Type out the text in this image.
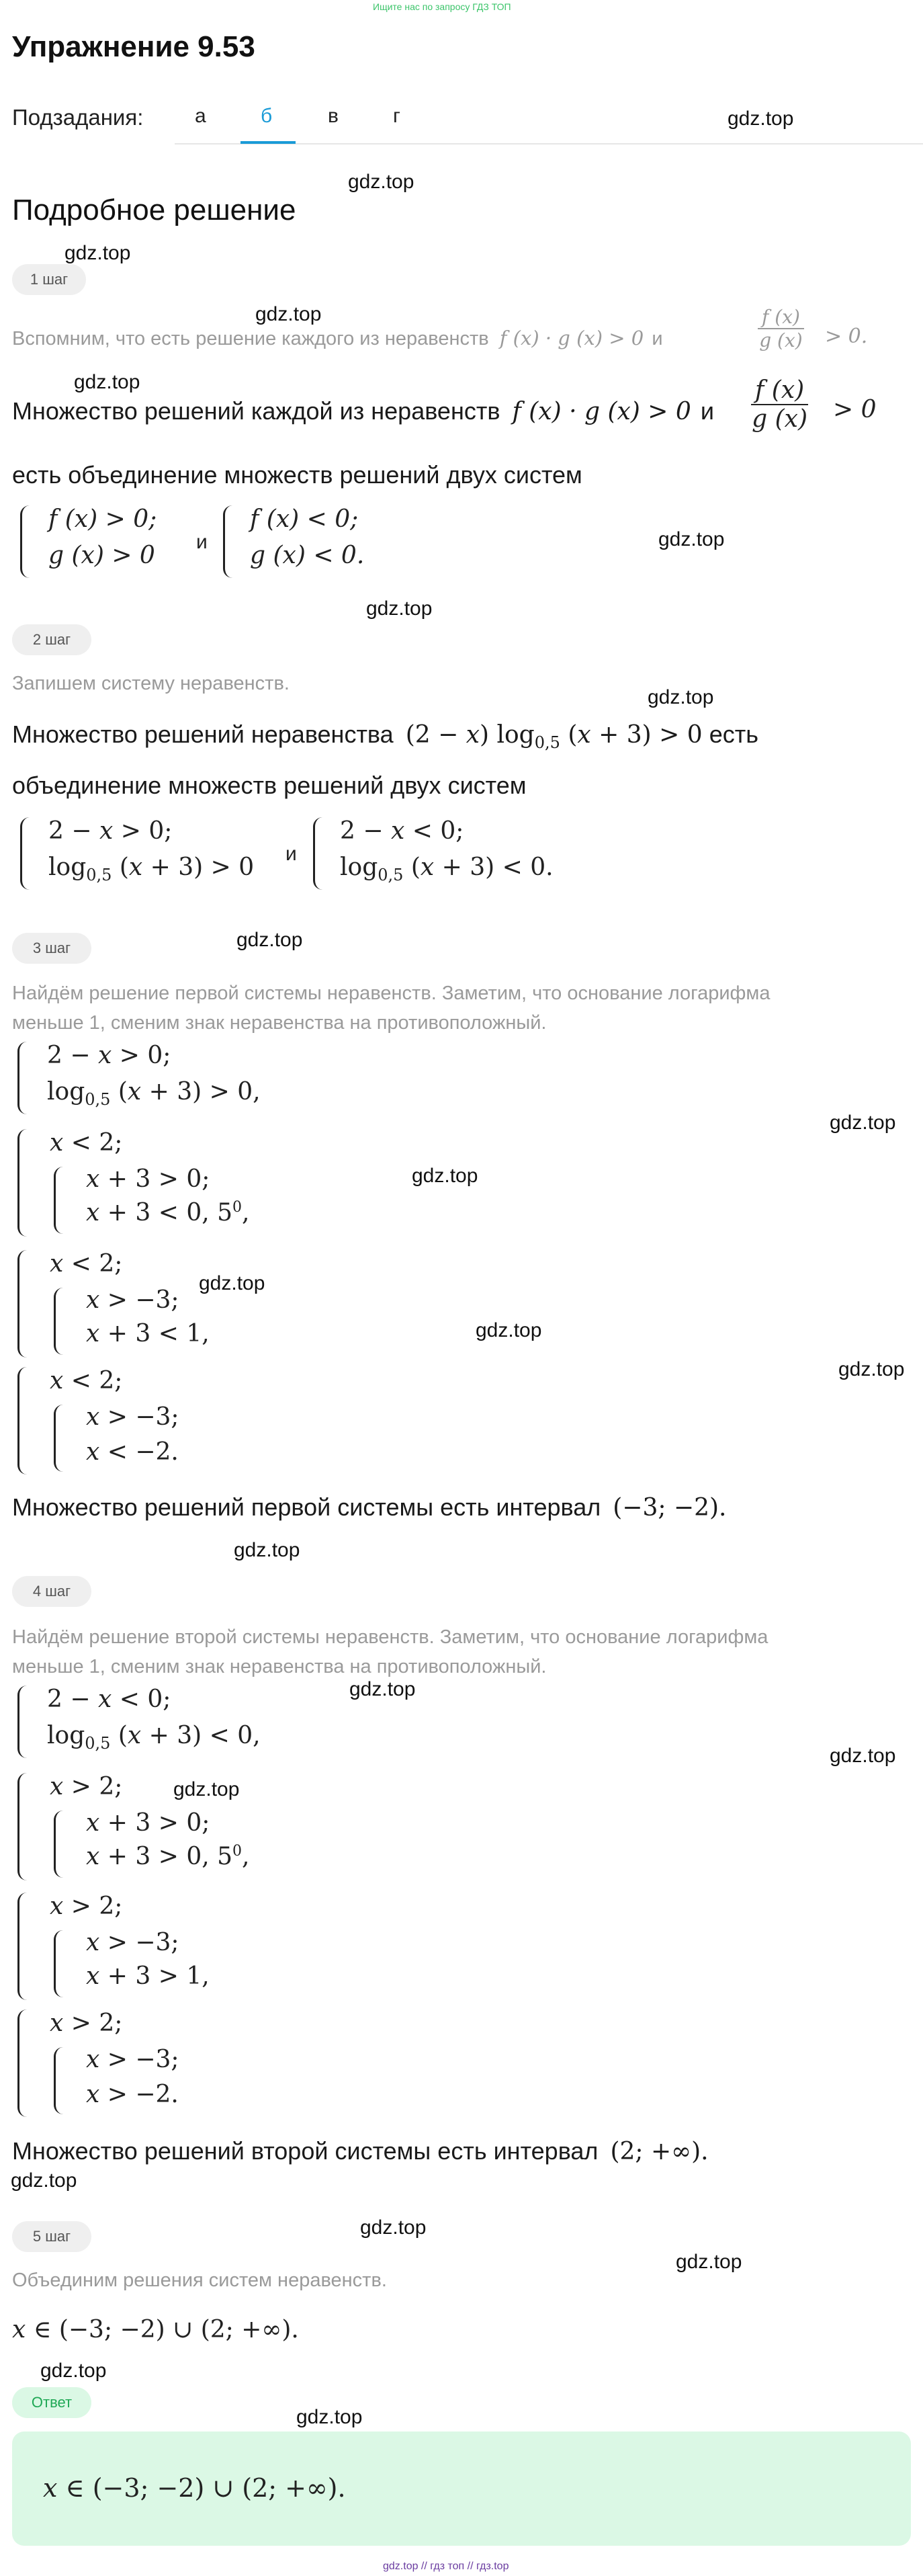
Ищите нас по запросу ГДЗ ТОП
Упражнение 9.53
Подзадания:	а	б	в	г	gdz.top
gdz.top
gdz.top
gdz.top
gdz.top
gdz.top
gdz.top
gdz.top
gdz.top
gdz.top
gdz.top
gdz.top
gdz.top
gdz.top
gdz.top
gdz.top
gdz.top
gdz.top
gdz.top
gdz.top
gdz.top
gdz.top
gdz.top
Подробное решение
1 шаг
Вспомним, что есть решение каждого из неравенств f (x) · g (x) > 0 и
f (x)
g (x) > 0.
Множество решений каждой из неравенств f (x) · g (x) > 0 и
f (x)
g (x) > 0
есть объединение множеств решений двух систем
f (x) > 0;
g (x) > 0 и
f (x) < 0;
g (x) < 0.
2 шаг
Запишем систему неравенств.
Множество решений неравенства (2 − x) $\log_{0,5} (x + 3) > 0$ есть
объединение множеств решений двух систем
2 − x > 0;
$\log_{0,5} (x + 3) > 0$ и
2 − x < 0;
$\log_{0,5} (x + 3) < 0$.
3 шаг
Найдём решение первой системы неравенств. Заметим, что основание логарифма
меньше 1, сменим знак неравенства на противоположный.
2 − x > 0;
$\log_{0,5} (x + 3) > 0$,
x < 2;
x + 3 > 0;
x + 3 < 0, $5^0$,
x < 2;
x > −3;
x + 3 < 1,
x < 2;
x > −3;
x < −2.
Множество решений первой системы есть интервал (−3; −2).
4 шаг
Найдём решение второй системы неравенств. Заметим, что основание логарифма
меньше 1, сменим знак неравенства на противоположный.
2 − x < 0;
$\log_{0,5} (x + 3) < 0$,
x > 2;
x + 3 > 0;
x + 3 > 0, $5^0$,
x > 2;
x > −3;
x + 3 > 1,
x > 2;
x > −3;
x > −2.
Множество решений второй системы есть интервал (2; +∞).
5 шаг
Объединим решения систем неравенств.
x ∈ (−3; −2) ∪ (2; +∞).
Ответ
x ∈ (−3; −2) ∪ (2; +∞).
gdz.top // гдз топ // гдз.top
